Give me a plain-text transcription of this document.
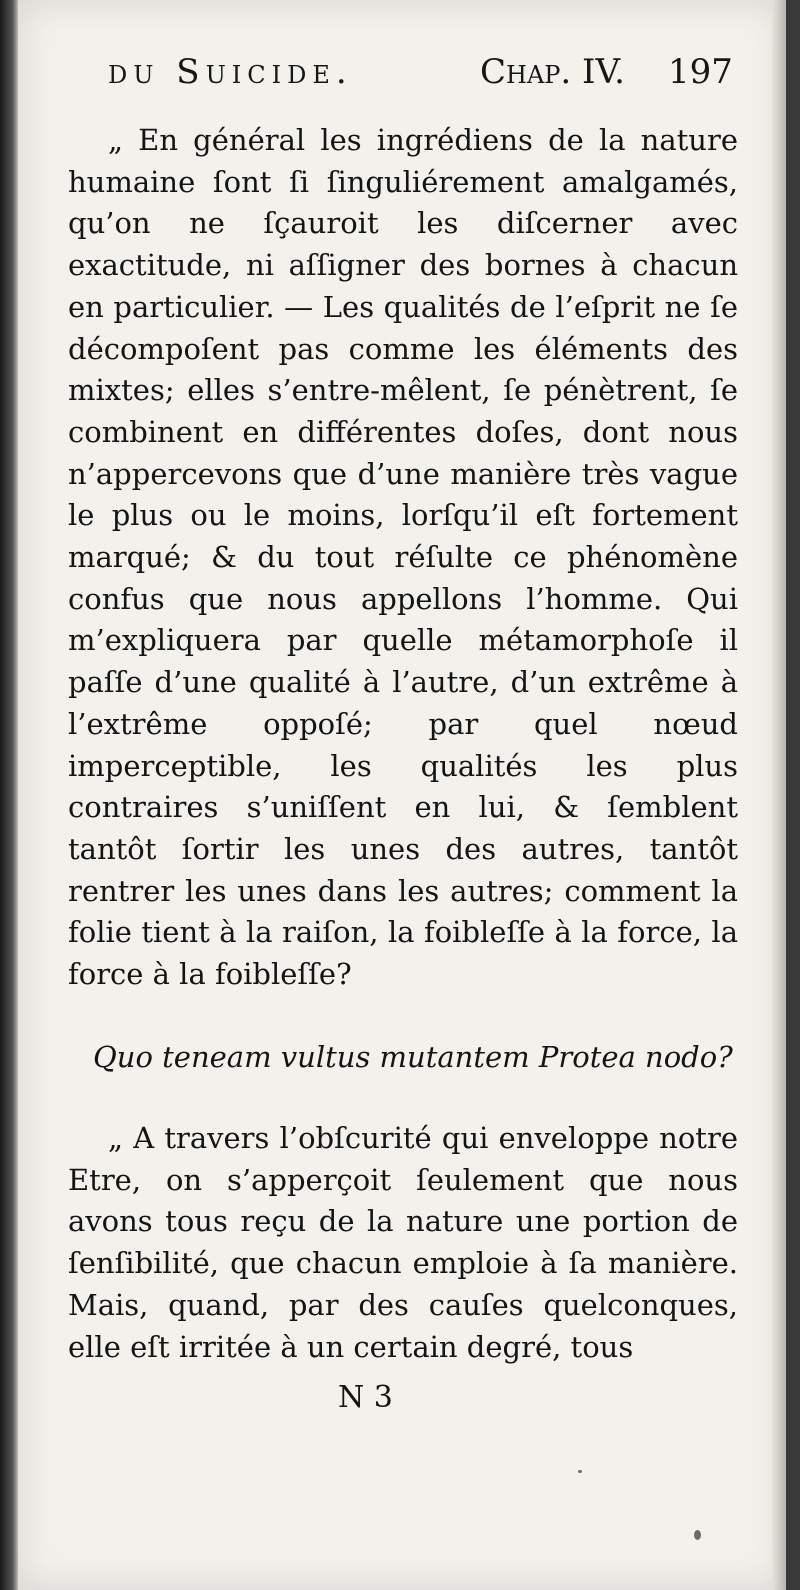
du Suicide.	Chap. IV. 197

„ En général les ingrédiens de la nature humaine ſont ſi ſinguliérement amalgamés, qu’on ne ſçauroit les diſcerner avec exactitude, ni aſſigner des bornes à chacun en particulier. — Les qualités de l’eſprit ne ſe décompoſent pas comme les éléments des mixtes; elles s’entre-mêlent, ſe pénètrent, ſe combinent en différentes doſes, dont nous n’appercevons que d’une manière très vague le plus ou le moins, lorſqu’il eſt fortement marqué; & du tout réſulte ce phénomène confus que nous appellons l’homme. Qui m’expliquera par quelle métamorphoſe il paſſe d’une qualité à l’autre, d’un extrême à l’extrême oppoſé; par quel nœud imperceptible, les qualités les plus contraires s’uniſſent en lui, & ſemblent tantôt ſortir les unes des autres, tantôt rentrer les unes dans les autres; comment la folie tient à la raiſon, la foibleſſe à la force, la force à la foibleſſe?

Quo teneam vultus mutantem Protea nodo?

„ A travers l’obſcurité qui enveloppe notre Etre, on s’apperçoit ſeulement que nous avons tous reçu de la nature une portion de ſenſibilité, que chacun emploie à ſa manière. Mais, quand, par des cauſes quelconques, elle eſt irritée à un certain degré, tous

N 3
